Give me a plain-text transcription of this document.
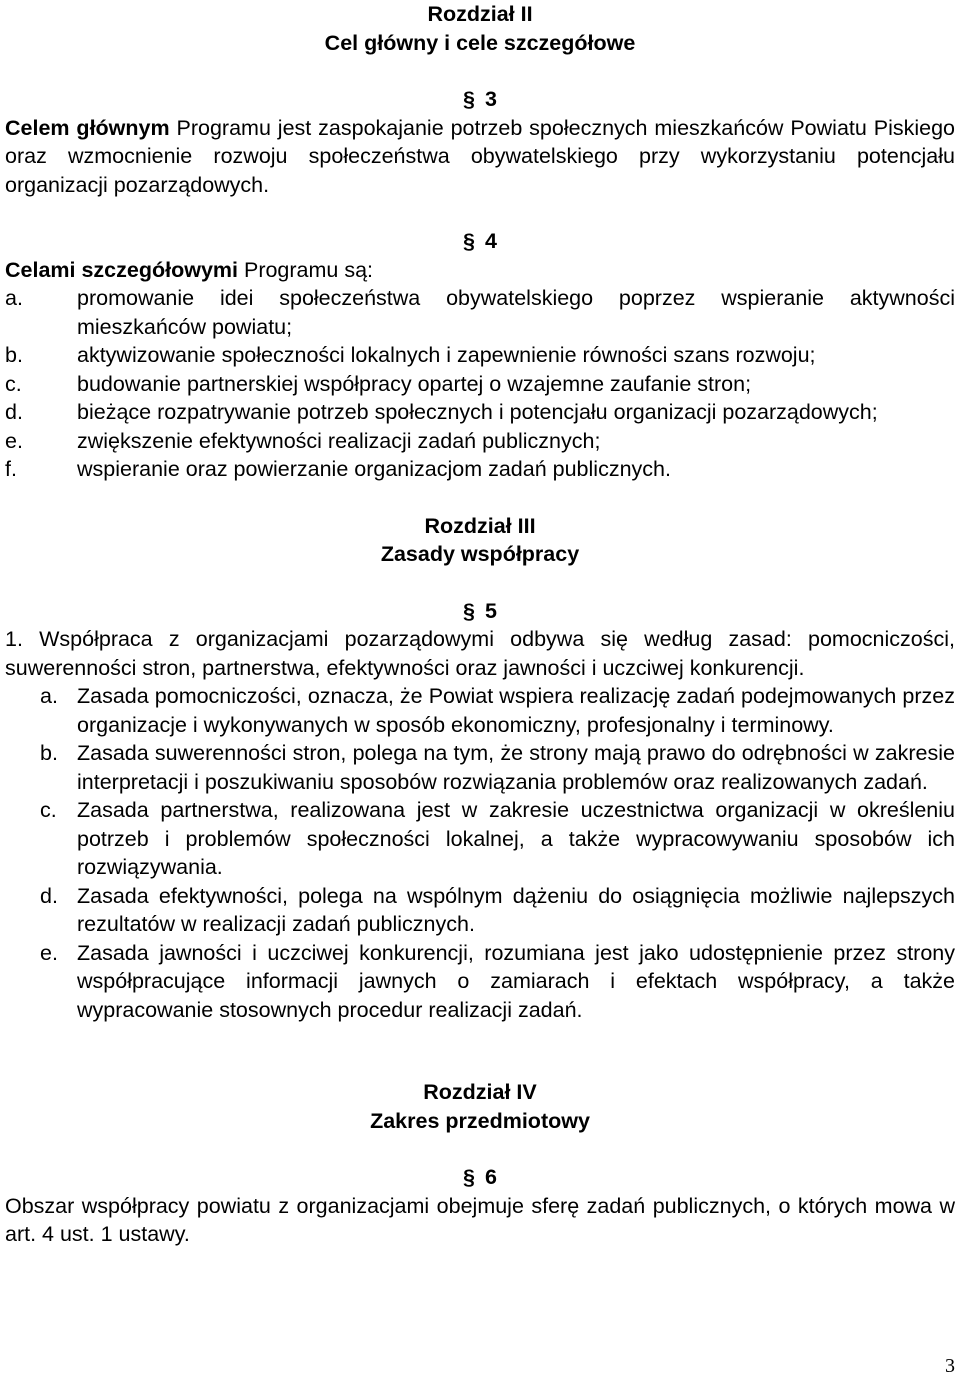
Rozdział II

Cel główny i cele szczegółowe

§ 3

Celem głównym Programu jest zaspokajanie potrzeb społecznych mieszkańców Powiatu Piskiego oraz wzmocnienie rozwoju społeczeństwa obywatelskiego przy wykorzystaniu potencjału organizacji pozarządowych.

§ 4

Celami szczegółowymi Programu są:

a.	promowanie idei społeczeństwa obywatelskiego poprzez wspieranie aktywności mieszkańców powiatu;
b.	aktywizowanie społeczności lokalnych i zapewnienie równości szans rozwoju;
c.	budowanie partnerskiej współpracy opartej o wzajemne zaufanie stron;
d.	bieżące rozpatrywanie potrzeb społecznych i potencjału organizacji pozarządowych;
e.	zwiększenie efektywności realizacji zadań publicznych;
f.	wspieranie oraz powierzanie organizacjom zadań publicznych.

Rozdział III

Zasady współpracy

§ 5

1. Współpraca z organizacjami pozarządowymi odbywa się według zasad: pomocniczości, suwerenności stron, partnerstwa, efektywności oraz jawności i uczciwej konkurencji.

a. Zasada pomocniczości, oznacza, że Powiat wspiera realizację zadań podejmowanych przez organizacje i wykonywanych w sposób ekonomiczny, profesjonalny i terminowy.
b. Zasada suwerenności stron, polega na tym, że strony mają prawo do odrębności w zakresie interpretacji i poszukiwaniu sposobów rozwiązania problemów oraz realizowanych zadań.
c. Zasada partnerstwa, realizowana jest w zakresie uczestnictwa organizacji w określeniu potrzeb i problemów społeczności lokalnej, a także wypracowywaniu sposobów ich rozwiązywania.
d. Zasada efektywności, polega na wspólnym dążeniu do osiągnięcia możliwie najlepszych rezultatów w realizacji zadań publicznych.
e. Zasada jawności i uczciwej konkurencji, rozumiana jest jako udostępnienie przez strony współpracujące informacji jawnych o zamiarach i efektach współpracy, a także wypracowanie stosownych procedur realizacji zadań.

Rozdział IV

Zakres przedmiotowy

§ 6

Obszar współpracy powiatu z organizacjami obejmuje sferę zadań publicznych, o których mowa w art. 4 ust. 1 ustawy.

3
